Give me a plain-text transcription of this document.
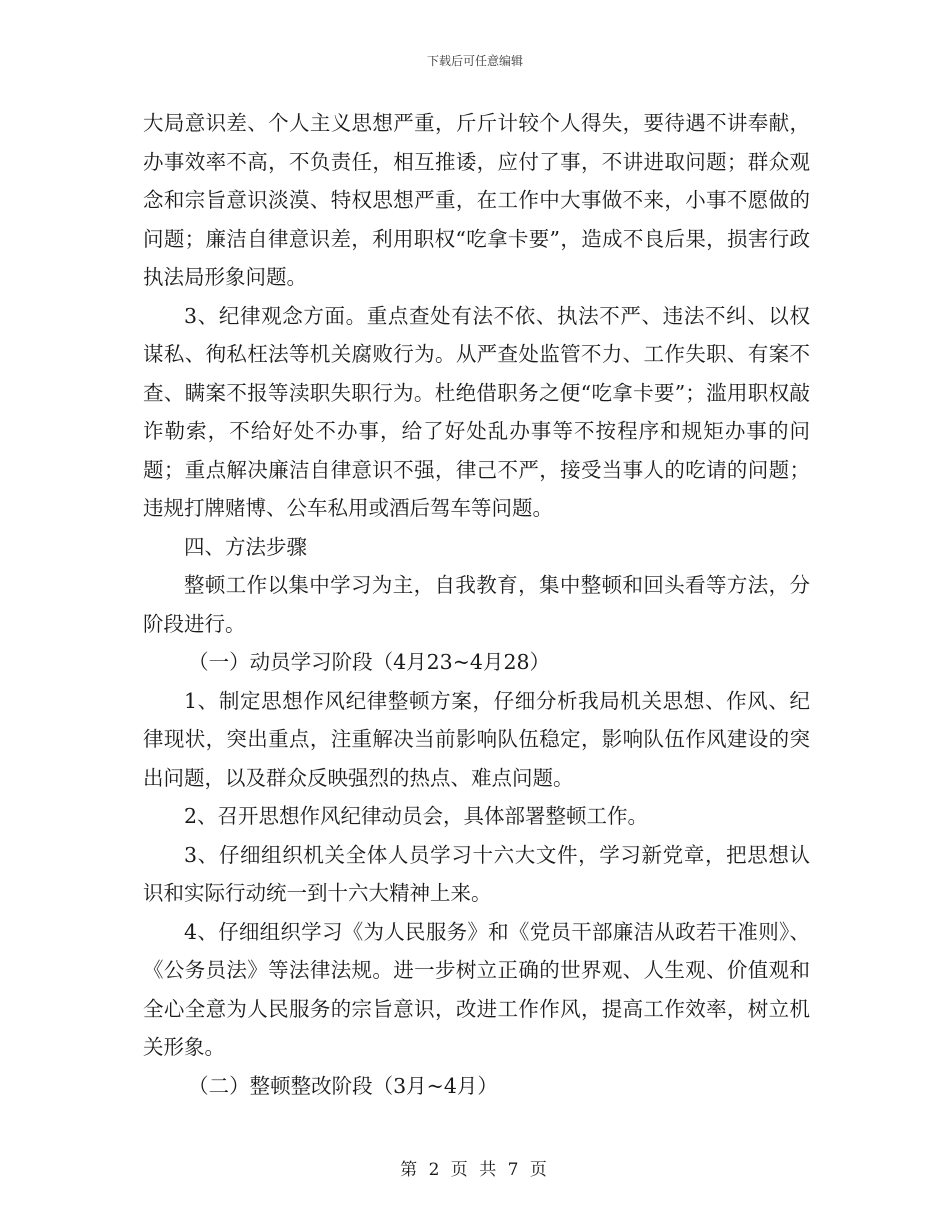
下载后可任意编辑

大局意识差、个人主义思想严重，斤斤计较个人得失，要待遇不讲奉献，办事效率不高，不负责任，相互推诿，应付了事，不讲进取问题；群众观念和宗旨意识淡漠、特权思想严重，在工作中大事做不来，小事不愿做的问题；廉洁自律意识差，利用职权“吃拿卡要”，造成不良后果，损害行政执法局形象问题。

3、纪律观念方面。重点查处有法不依、执法不严、违法不纠、以权谋私、徇私枉法等机关腐败行为。从严查处监管不力、工作失职、有案不查、瞒案不报等渎职失职行为。杜绝借职务之便“吃拿卡要”；滥用职权敲诈勒索，不给好处不办事，给了好处乱办事等不按程序和规矩办事的问题；重点解决廉洁自律意识不强，律己不严，接受当事人的吃请的问题；违规打牌赌博、公车私用或酒后驾车等问题。

四、方法步骤

整顿工作以集中学习为主，自我教育，集中整顿和回头看等方法，分阶段进行。

（一）动员学习阶段（4月23~4月28）

1、制定思想作风纪律整顿方案，仔细分析我局机关思想、作风、纪律现状，突出重点，注重解决当前影响队伍稳定，影响队伍作风建设的突出问题，以及群众反映强烈的热点、难点问题。

2、召开思想作风纪律动员会，具体部署整顿工作。

3、仔细组织机关全体人员学习十六大文件，学习新党章，把思想认识和实际行动统一到十六大精神上来。

4、仔细组织学习《为人民服务》和《党员干部廉洁从政若干准则》、《公务员法》等法律法规。进一步树立正确的世界观、人生观、价值观和全心全意为人民服务的宗旨意识，改进工作作风，提高工作效率，树立机关形象。

（二）整顿整改阶段（3月~4月）

第 2 页 共 7 页
